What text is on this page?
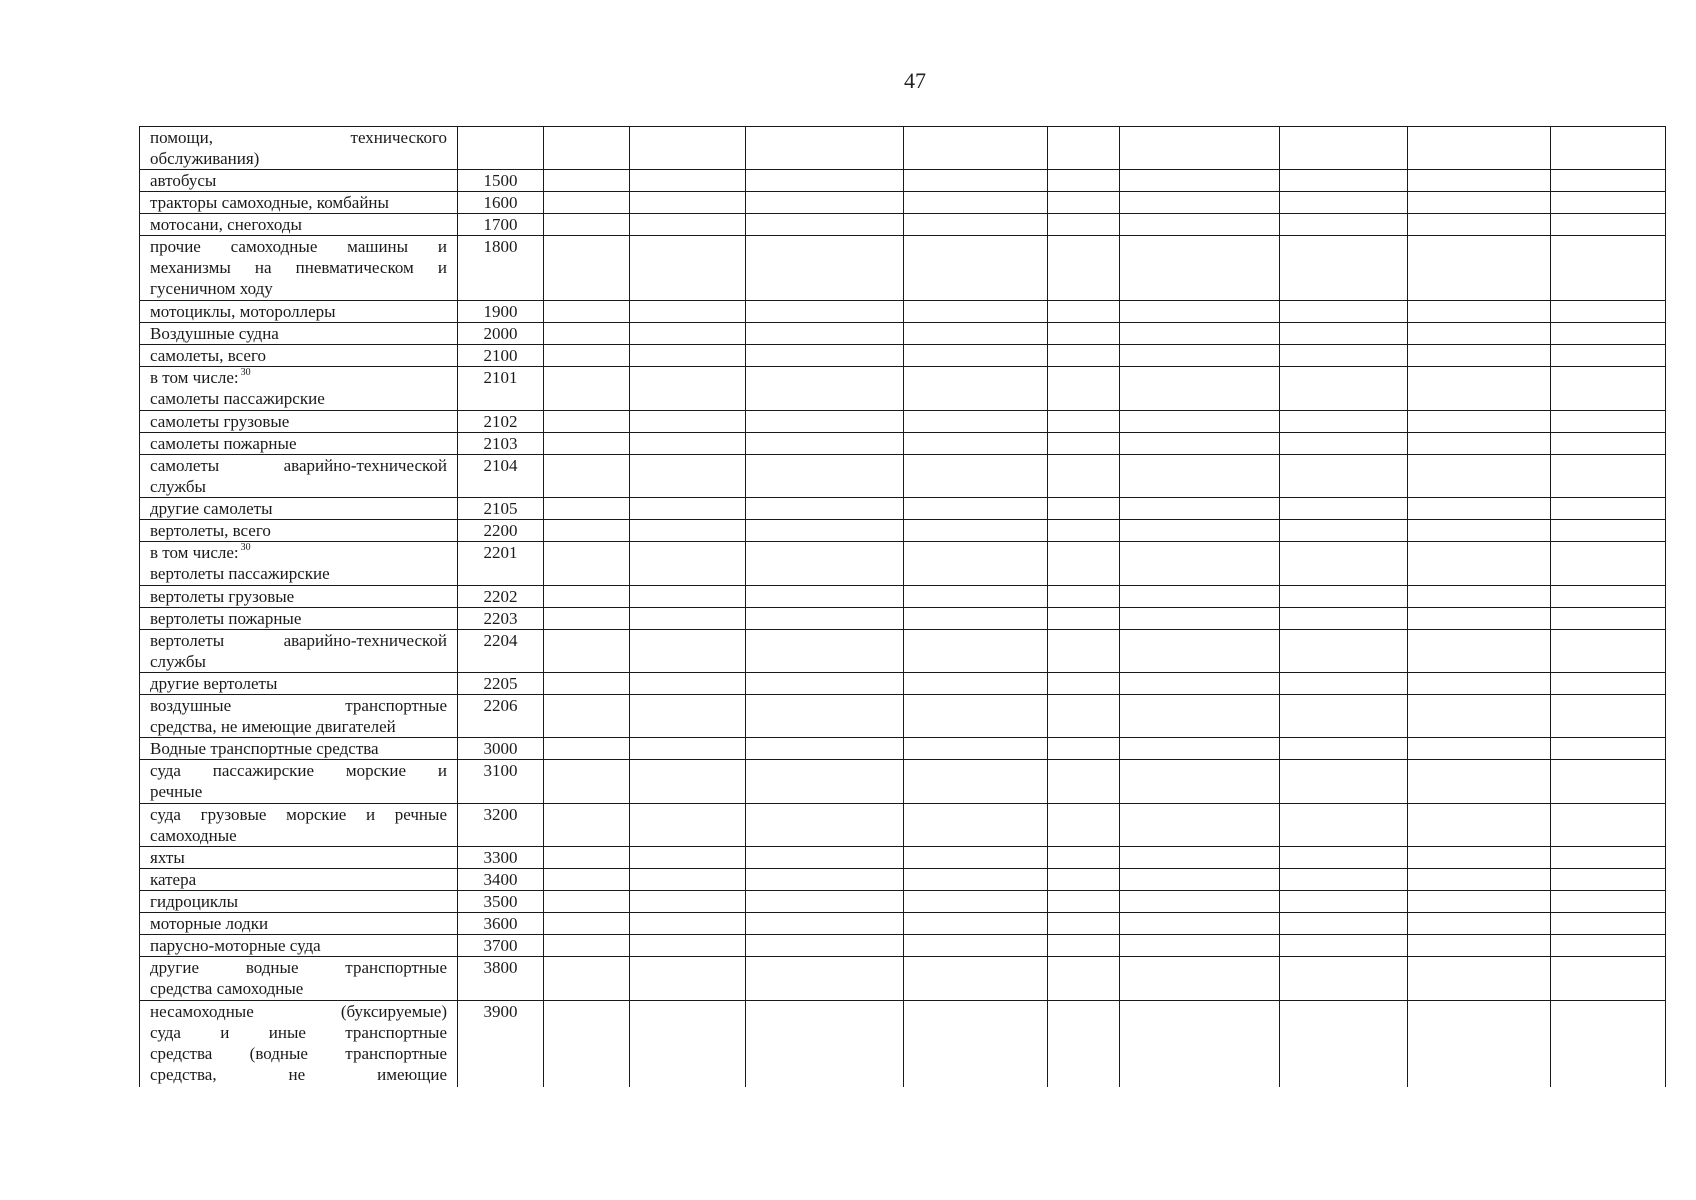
47
помощи, технического
обслуживания)										

автобусы	1500									

тракторы самоходные, комбайны	1600									

мотосани, снегоходы	1700									

прочие самоходные машины и
механизмы на пневматическом и
гусеничном ходу	1800									

мотоциклы, мотороллеры	1900									

Воздушные судна	2000									

самолеты, всего	2100									

в том числе: $^{30}$
самолеты пассажирские	2101									

самолеты грузовые	2102									

самолеты пожарные	2103									

самолеты аварийно-технической
службы	2104									

другие самолеты	2105									

вертолеты, всего	2200									

в том числе: $^{30}$
вертолеты пассажирские	2201									

вертолеты грузовые	2202									

вертолеты пожарные	2203									

вертолеты аварийно-технической
службы	2204									

другие вертолеты	2205									

воздушные транспортные
средства, не имеющие двигателей	2206									

Водные транспортные средства	3000									

суда пассажирские морские и
речные	3100									

суда грузовые морские и речные
самоходные	3200									

яхты	3300									

катера	3400									

гидроциклы	3500									

моторные лодки	3600									

парусно-моторные суда	3700									

другие водные транспортные
средства самоходные	3800									

несамоходные (буксируемые)
суда и иные транспортные
средства (водные транспортные
средства, не имеющие	3900									
